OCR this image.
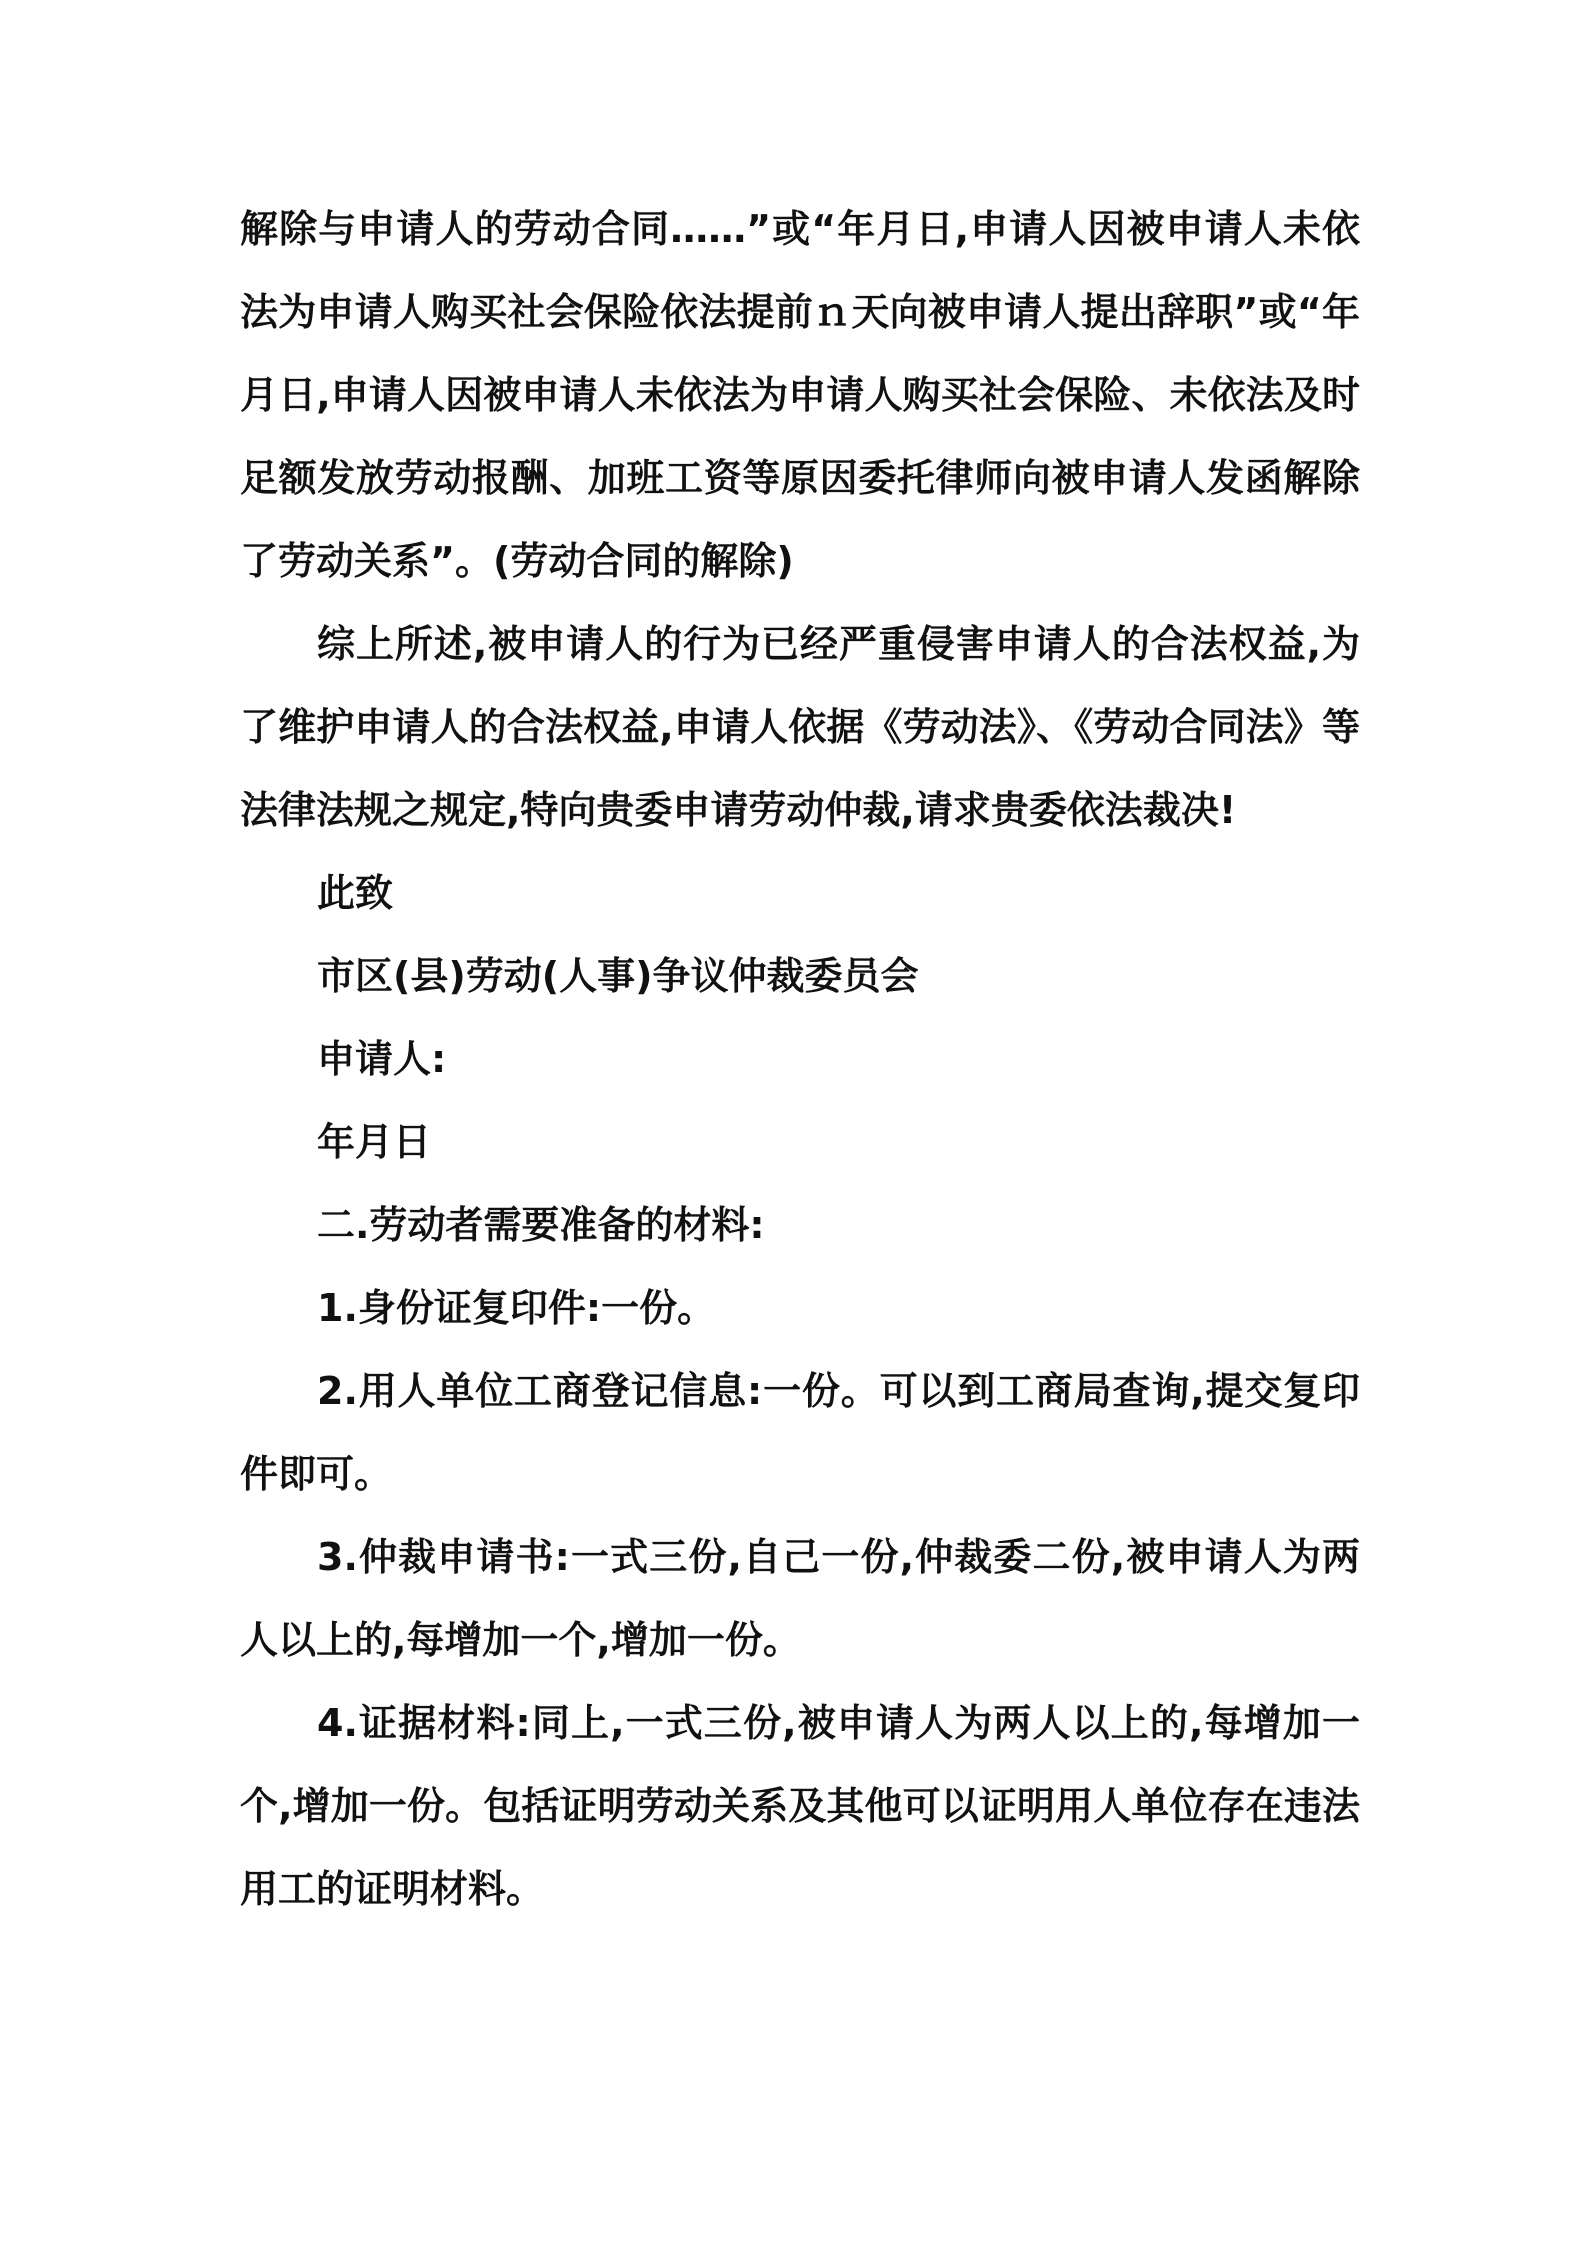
解除与申请人的劳动合同……”或“年月日,申请人因被申请人未依法为申请人购买社会保险依法提前ｎ天向被申请人提出辞职”或“年月日,申请人因被申请人未依法为申请人购买社会保险、未依法及时足额发放劳动报酬、加班工资等原因委托律师向被申请人发函解除了劳动关系”。(劳动合同的解除)

综上所述,被申请人的行为已经严重侵害申请人的合法权益,为了维护申请人的合法权益,申请人依据《劳动法》、《劳动合同法》等法律法规之规定,特向贵委申请劳动仲裁,请求贵委依法裁决!

此致

市区(县)劳动(人事)争议仲裁委员会

申请人:

年月日

二.劳动者需要准备的材料:

1.身份证复印件:一份。

2.用人单位工商登记信息:一份。可以到工商局查询,提交复印件即可。

3.仲裁申请书:一式三份,自己一份,仲裁委二份,被申请人为两人以上的,每增加一个,增加一份。

4.证据材料:同上,一式三份,被申请人为两人以上的,每增加一个,增加一份。包括证明劳动关系及其他可以证明用人单位存在违法用工的证明材料。
